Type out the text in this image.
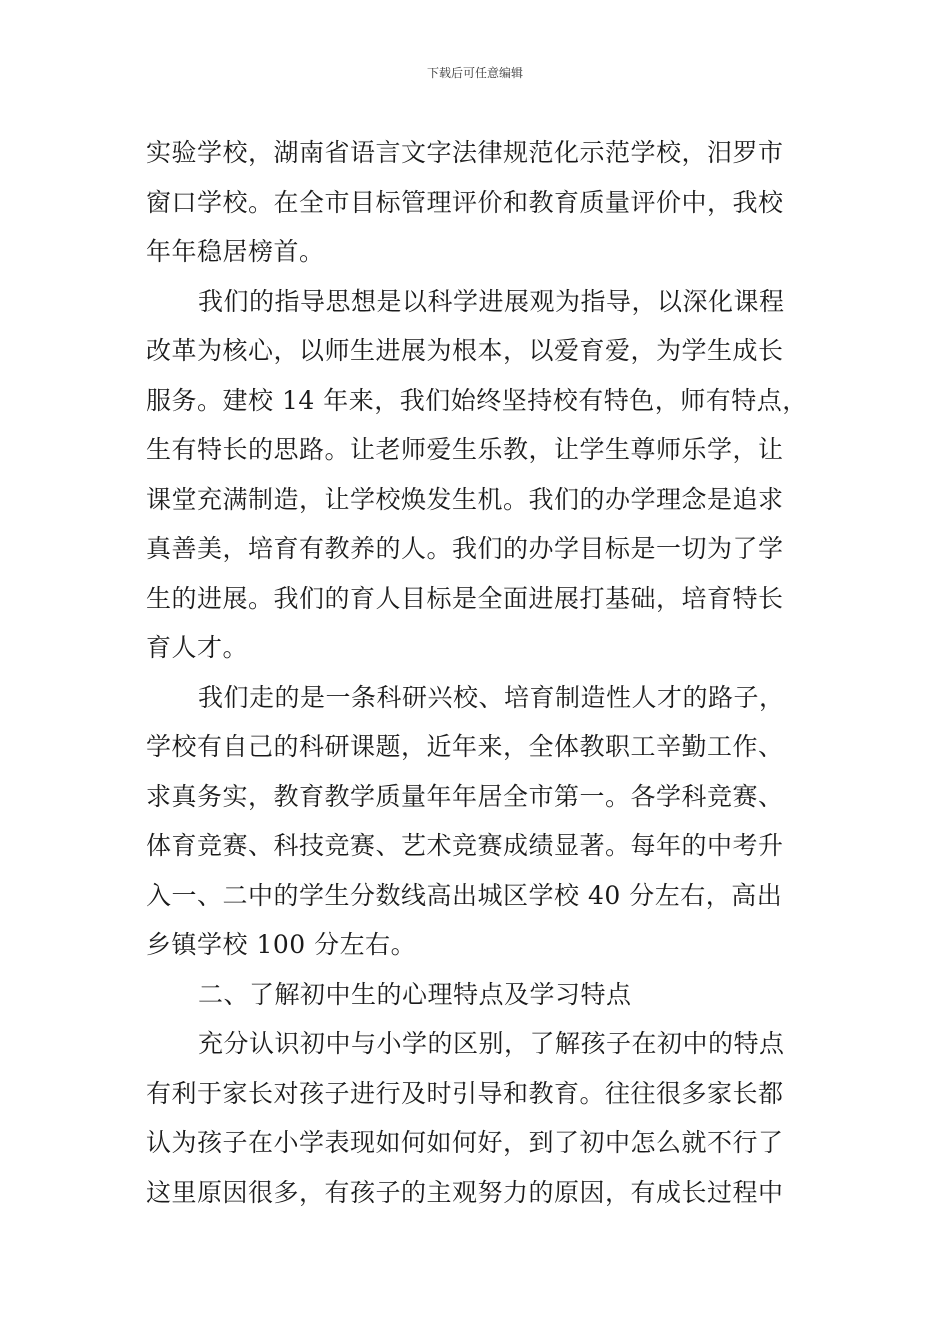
下载后可任意编辑
实验学校，湖南省语言文字法律规范化示范学校，汨罗市
窗口学校。在全市目标管理评价和教育质量评价中，我校
年年稳居榜首。
我们的指导思想是以科学进展观为指导，以深化课程
改革为核心，以师生进展为根本，以爱育爱，为学生成长
服务。建校 14 年来，我们始终坚持校有特色，师有特点，
生有特长的思路。让老师爱生乐教，让学生尊师乐学，让
课堂充满制造，让学校焕发生机。我们的办学理念是追求
真善美，培育有教养的人。我们的办学目标是一切为了学
生的进展。我们的育人目标是全面进展打基础，培育特长
育人才。
我们走的是一条科研兴校、培育制造性人才的路子，
学校有自己的科研课题，近年来，全体教职工辛勤工作、
求真务实，教育教学质量年年居全市第一。各学科竞赛、
体育竞赛、科技竞赛、艺术竞赛成绩显著。每年的中考升
入一、二中的学生分数线高出城区学校 40 分左右，高出
乡镇学校 100 分左右。
二、了解初中生的心理特点及学习特点
充分认识初中与小学的区别，了解孩子在初中的特点
有利于家长对孩子进行及时引导和教育。往往很多家长都
认为孩子在小学表现如何如何好，到了初中怎么就不行了
这里原因很多，有孩子的主观努力的原因，有成长过程中
